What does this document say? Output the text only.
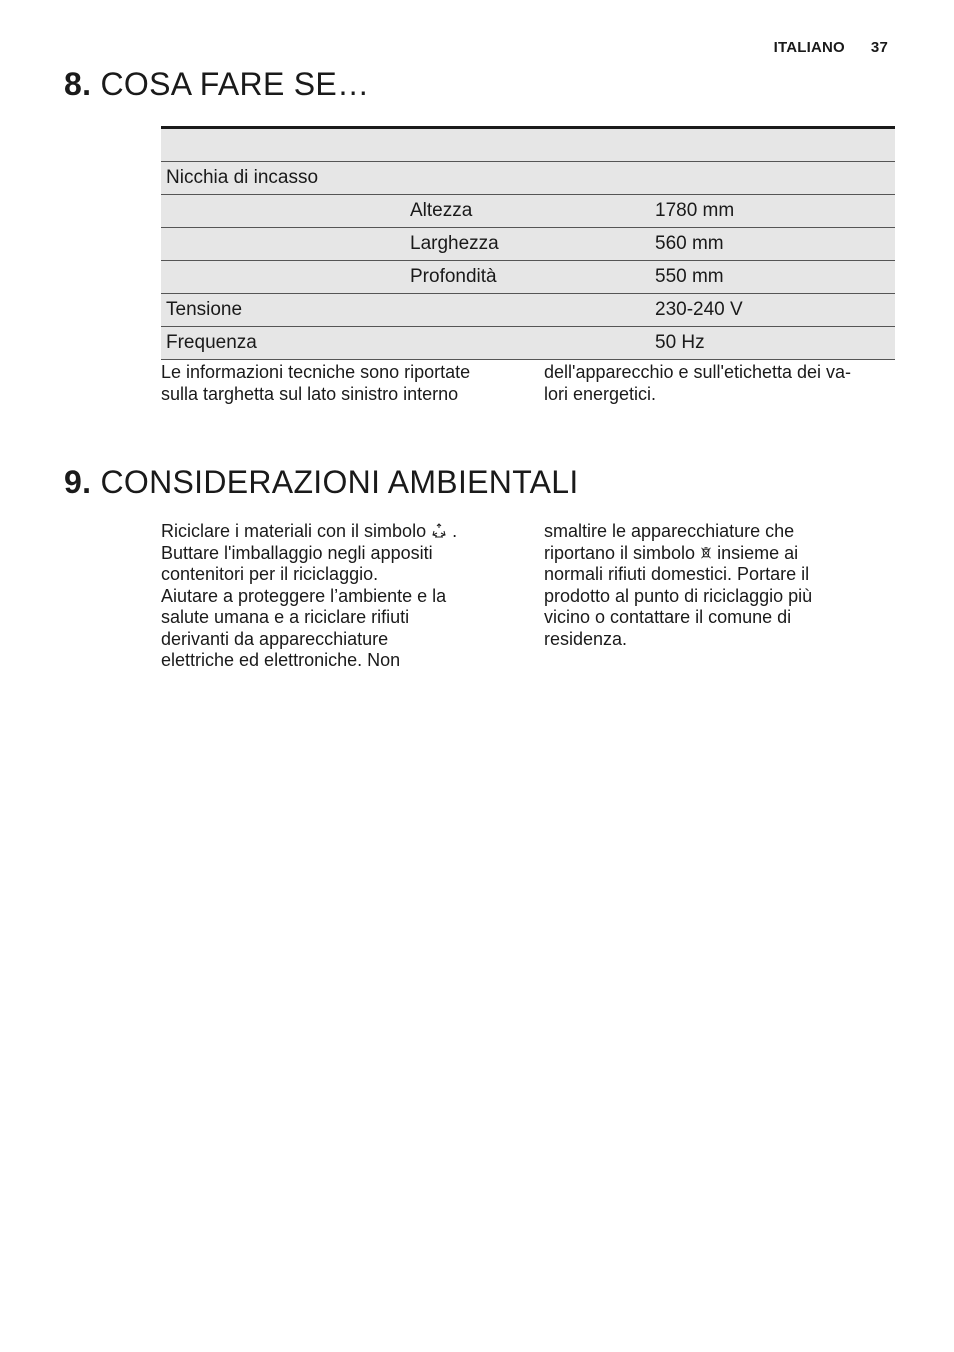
ITALIANO 37
8. COSA FARE SE…

Nicchia di incasso		
	Altezza	1780 mm
	Larghezza	560 mm
	Profondità	550 mm
Tensione		230-240 V
Frequenza		50 Hz

Le informazioni tecniche sono riportate

sulla targhetta sul lato sinistro interno

dell'apparecchio e sull'etichetta dei va-

lori energetici.

9. CONSIDERAZIONI AMBIENTALI

Riciclare i materiali con il simbolo .

Buttare l'imballaggio negli appositi

contenitori per il riciclaggio.

Aiutare a proteggere l’ambiente e la

salute umana e a riciclare rifiuti

derivanti da apparecchiature

elettriche ed elettroniche. Non

smaltire le apparecchiature che

riportano il simbolo insieme ai

normali rifiuti domestici. Portare il

prodotto al punto di riciclaggio più

vicino o contattare il comune di

residenza.
